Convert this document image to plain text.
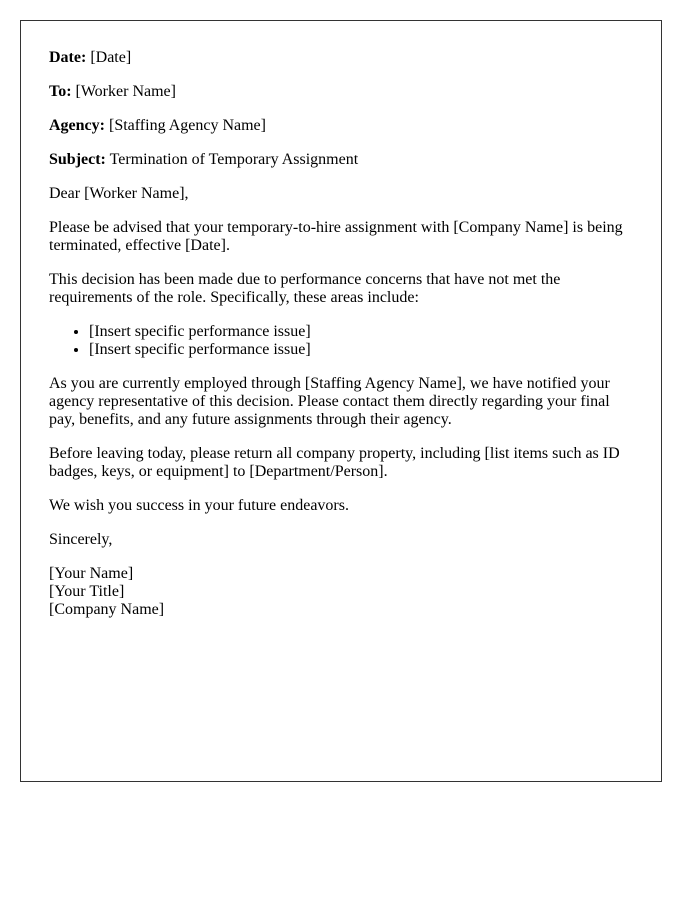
Date: [Date]

To: [Worker Name]

Agency: [Staffing Agency Name]

Subject: Termination of Temporary Assignment

Dear [Worker Name],

Please be advised that your temporary-to-hire assignment with [Company Name] is being terminated, effective [Date].

This decision has been made due to performance concerns that have not met the requirements of the role. Specifically, these areas include:

• [Insert specific performance issue]
• [Insert specific performance issue]

As you are currently employed through [Staffing Agency Name], we have notified your agency representative of this decision. Please contact them directly regarding your final pay, benefits, and any future assignments through their agency.

Before leaving today, please return all company property, including [list items such as ID badges, keys, or equipment] to [Department/Person].

We wish you success in your future endeavors.

Sincerely,

[Your Name]
[Your Title]
[Company Name]
